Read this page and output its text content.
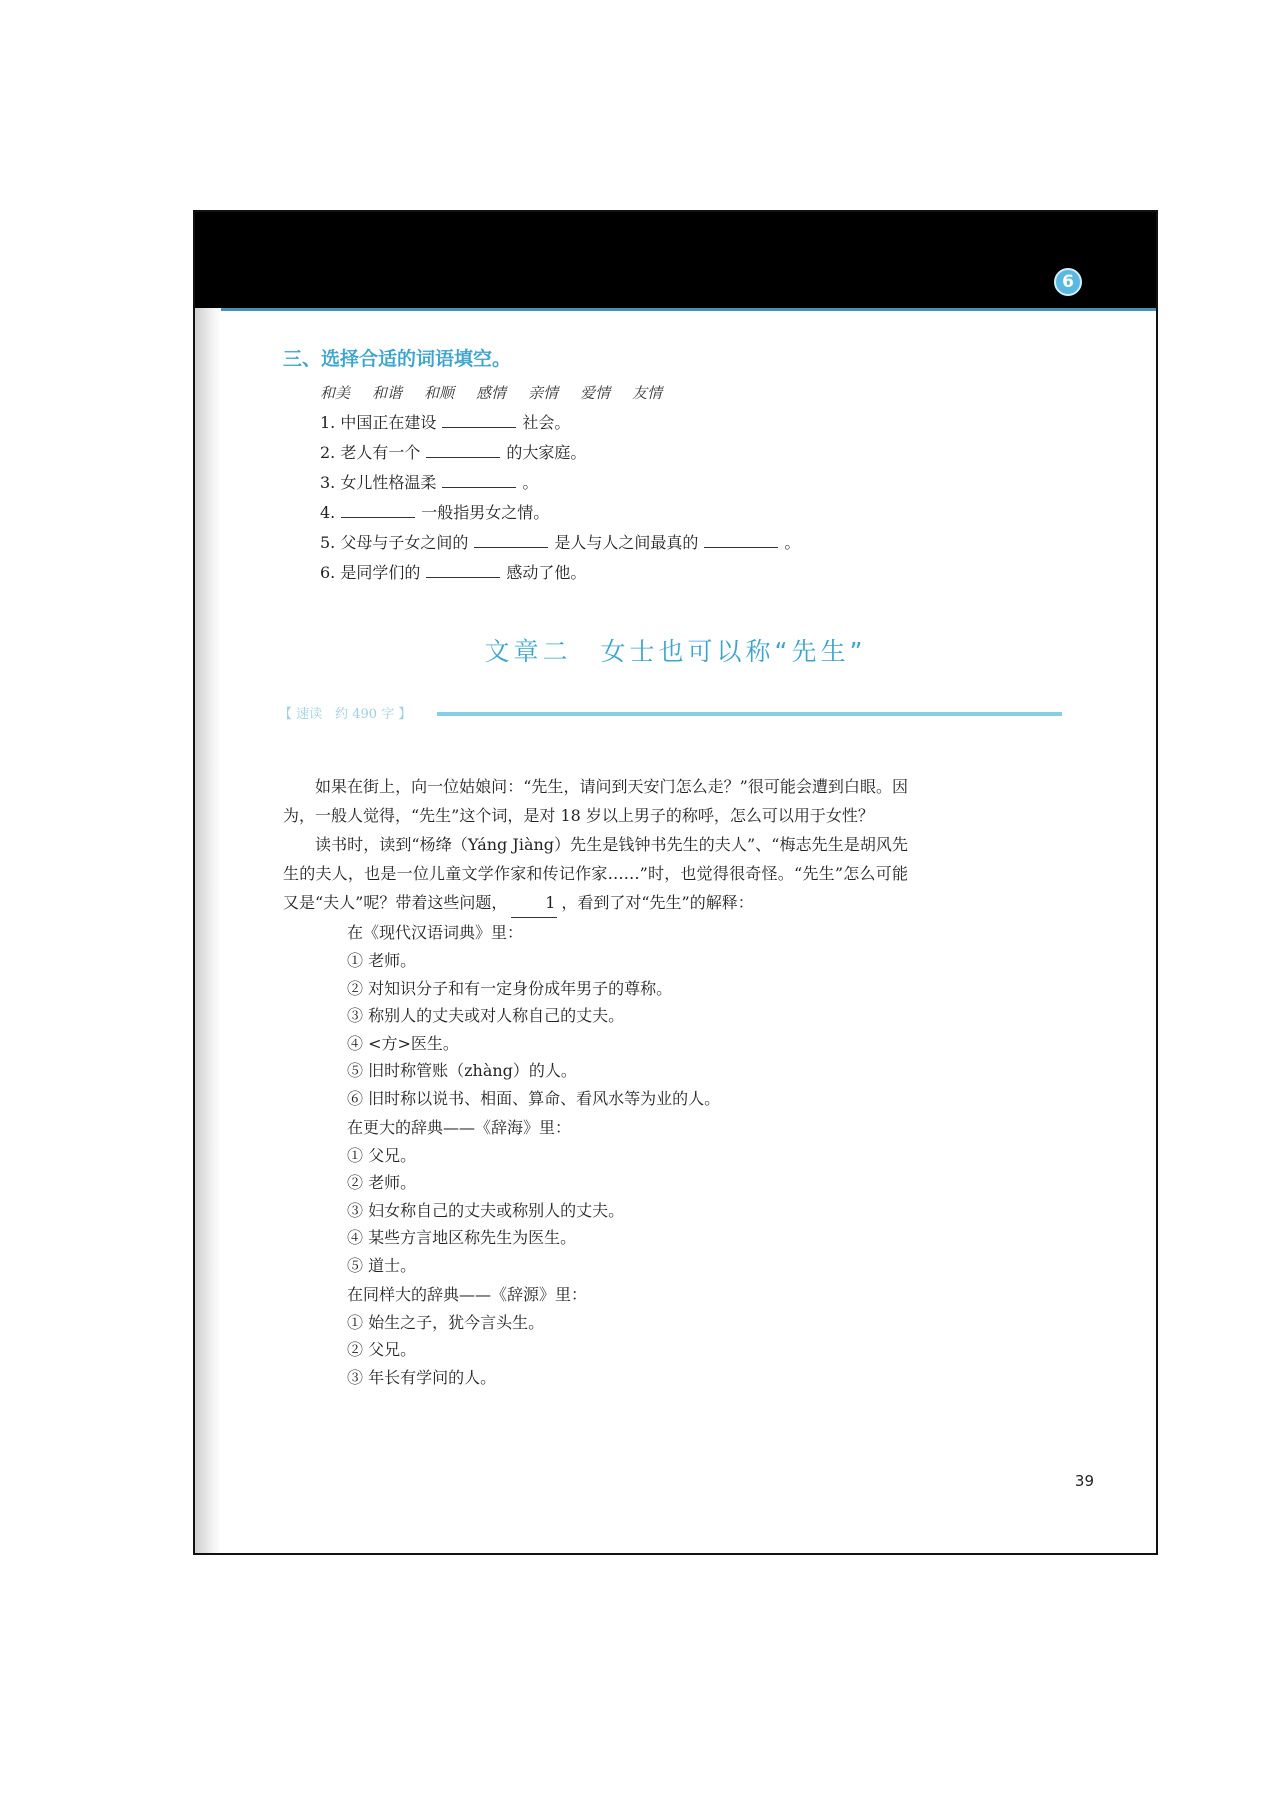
6
三、选择合适的词语填空。
和美 和谐 和顺 感情 亲情 爱情 友情
1. 中国正在建设	社会。
2. 老人有一个	的大家庭。
3. 女儿性格温柔	。
4.	一般指男女之情。
5. 父母与子女之间的	是人与人之间最真的	。
6. 是同学们的	感动了他。
文章二　女士也可以称“先生”
【 速读　约 490 字 】

如果在街上，向一位姑娘问：“先生，请问到天安门怎么走？”很可能会遭到白眼。因为，一般人觉得，“先生”这个词，是对 18 岁以上男子的称呼，怎么可以用于女性？

读书时，读到“杨绛（Yáng Jiàng）先生是钱钟书先生的夫人”、“梅志先生是胡风先生的夫人，也是一位儿童文学作家和传记作家……”时，也觉得很奇怪。“先生”怎么可能又是“夫人”呢？带着这些问题， 1 ，看到了对“先生”的解释：

在《现代汉语词典》里：

① 老师。
② 对知识分子和有一定身份成年男子的尊称。
③ 称别人的丈夫或对人称自己的丈夫。
④ <方>医生。
⑤ 旧时称管账（zhàng）的人。
⑥ 旧时称以说书、相面、算命、看风水等为业的人。

在更大的辞典——《辞海》里：

① 父兄。
② 老师。
③ 妇女称自己的丈夫或称别人的丈夫。
④ 某些方言地区称先生为医生。
⑤ 道士。

在同样大的辞典——《辞源》里：

① 始生之子，犹今言头生。
② 父兄。
③ 年长有学问的人。
39
